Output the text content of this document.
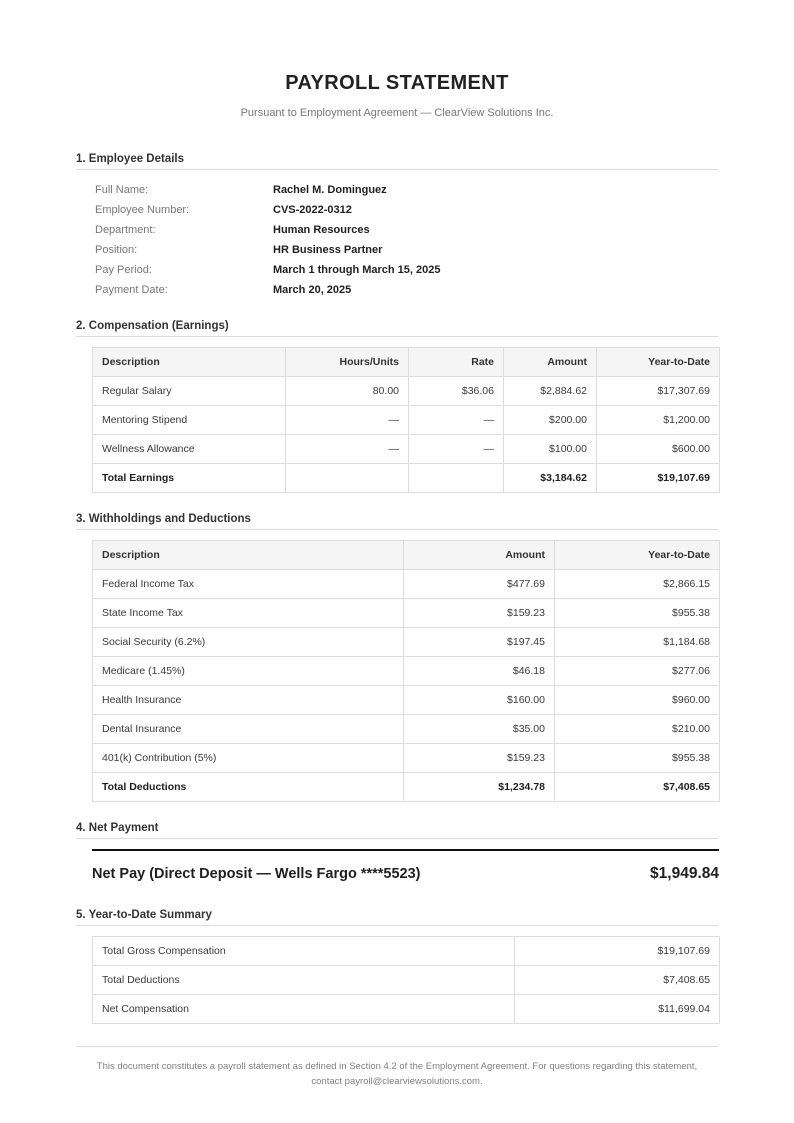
PAYROLL STATEMENT
Pursuant to Employment Agreement — ClearView Solutions Inc.
1. Employee Details
Full Name:	Rachel M. Dominguez
Employee Number:	CVS-2022-0312
Department:	Human Resources
Position:	HR Business Partner
Pay Period:	March 1 through March 15, 2025
Payment Date:	March 20, 2025
2. Compensation (Earnings)
Description	Hours/Units	Rate	Amount	Year-to-Date
Regular Salary	80.00	$36.06	$2,884.62	$17,307.69
Mentoring Stipend	—	—	$200.00	$1,200.00
Wellness Allowance	—	—	$100.00	$600.00
Total Earnings			$3,184.62	$19,107.69
3. Withholdings and Deductions
Description	Amount	Year-to-Date
Federal Income Tax	$477.69	$2,866.15
State Income Tax	$159.23	$955.38
Social Security (6.2%)	$197.45	$1,184.68
Medicare (1.45%)	$46.18	$277.06
Health Insurance	$160.00	$960.00
Dental Insurance	$35.00	$210.00
401(k) Contribution (5%)	$159.23	$955.38
Total Deductions	$1,234.78	$7,408.65
4. Net Payment
Net Pay (Direct Deposit — Wells Fargo ****5523)	$1,949.84
5. Year-to-Date Summary
Total Gross Compensation	$19,107.69
Total Deductions	$7,408.65
Net Compensation	$11,699.04
This document constitutes a payroll statement as defined in Section 4.2 of the Employment Agreement. For questions regarding this statement, contact payroll@clearviewsolutions.com.
